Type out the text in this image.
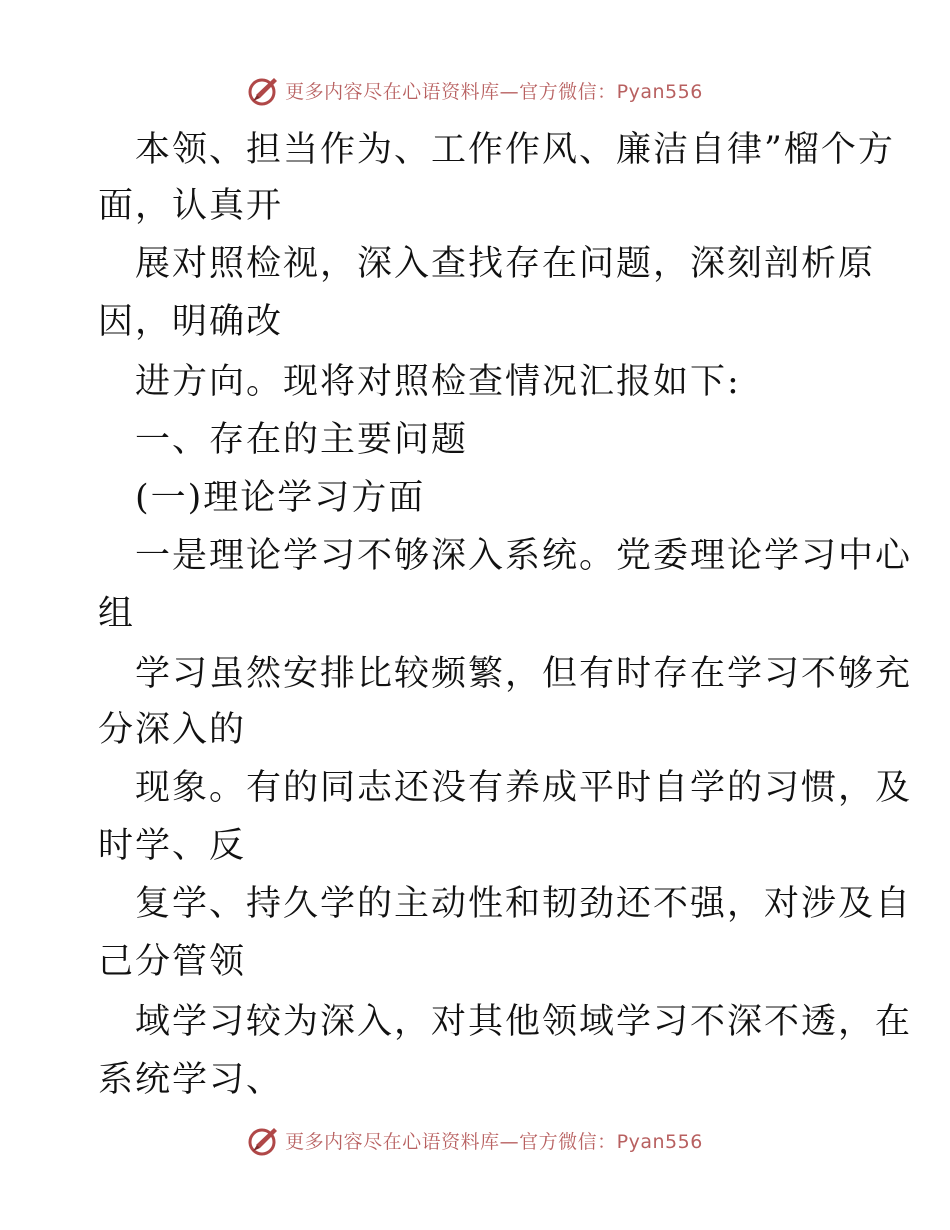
更多内容尽在心语资料库—官方微信：Pyan556
本领、担当作为、工作作风、廉洁自律”榴个方
面，认真开
展对照检视，深入查找存在问题，深刻剖析原
因，明确改
进方向。现将对照检查情况汇报如下:
一、存在的主要问题
(一)理论学习方面
一是理论学习不够深入系统。党委理论学习中心
组
学习虽然安排比较频繁，但有时存在学习不够充
分深入的
现象。有的同志还没有养成平时自学的习惯，及
时学、反
复学、持久学的主动性和韧劲还不强，对涉及自
己分管领
域学习较为深入，对其他领域学习不深不透，在
系统学习、
更多内容尽在心语资料库—官方微信：Pyan556
